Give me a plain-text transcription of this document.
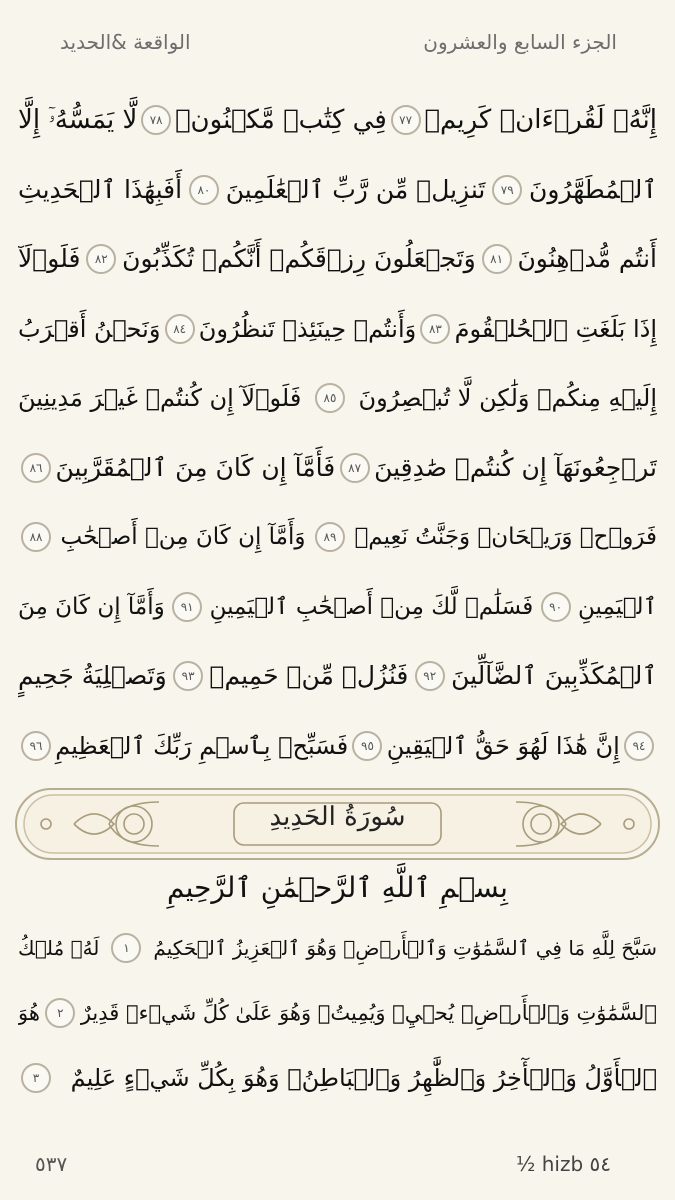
الجزء السابع والعشرون
الواقعة &الحديد
إِنَّهُۥ لَقُرۡءَانٞ كَرِيمٞ
٧٧
فِي كِتَٰبٖ مَّكۡنُونٖ
٧٨
لَّا يَمَسُّهُۥٓ إِلَّا
ٱلۡمُطَهَّرُونَ
٧٩
تَنزِيلٞ مِّن رَّبِّ ٱلۡعَٰلَمِينَ
٨٠
أَفَبِهَٰذَا ٱلۡحَدِيثِ
أَنتُم مُّدۡهِنُونَ
٨١
وَتَجۡعَلُونَ رِزۡقَكُمۡ أَنَّكُمۡ تُكَذِّبُونَ
٨٢
فَلَوۡلَآ
إِذَا بَلَغَتِ ٱلۡحُلۡقُومَ
٨٣
وَأَنتُمۡ حِينَئِذٖ تَنظُرُونَ
٨٤
وَنَحۡنُ أَقۡرَبُ
إِلَيۡهِ مِنكُمۡ وَلَٰكِن لَّا تُبۡصِرُونَ
٨٥
فَلَوۡلَآ إِن كُنتُمۡ غَيۡرَ مَدِينِينَ
تَرۡجِعُونَهَآ إِن كُنتُمۡ صَٰدِقِينَ
٨٧
فَأَمَّآ إِن كَانَ مِنَ ٱلۡمُقَرَّبِينَ
٨٦
فَرَوۡحٞ وَرَيۡحَانٞ وَجَنَّتُ نَعِيمٖ
٨٩
وَأَمَّآ إِن كَانَ مِنۡ أَصۡحَٰبِ
٨٨
ٱلۡيَمِينِ
٩٠
فَسَلَٰمٞ لَّكَ مِنۡ أَصۡحَٰبِ ٱلۡيَمِينِ
٩١
وَأَمَّآ إِن كَانَ مِنَ
ٱلۡمُكَذِّبِينَ ٱلضَّآلِّينَ
٩٢
فَنُزُلٞ مِّنۡ حَمِيمٖ
٩٣
وَتَصۡلِيَةُ جَحِيمٍ
٩٤
إِنَّ هَٰذَا لَهُوَ حَقُّ ٱلۡيَقِينِ
٩٥
فَسَبِّحۡ بِٱسۡمِ رَبِّكَ ٱلۡعَظِيمِ
٩٦
سُورَةُ الحَدِيدِ
بِسۡمِ ٱللَّهِ ٱلرَّحۡمَٰنِ ٱلرَّحِيمِ
سَبَّحَ لِلَّهِ مَا فِي ٱلسَّمَٰوَٰتِ وَٱلۡأَرۡضِۖ وَهُوَ ٱلۡعَزِيزُ ٱلۡحَكِيمُ
١
لَهُۥ مُلۡكُ
ٱلسَّمَٰوَٰتِ وَٱلۡأَرۡضِۖ يُحۡيِۦ وَيُمِيتُۖ وَهُوَ عَلَىٰ كُلِّ شَيۡءٖ قَدِيرٌ
٢
هُوَ
ٱلۡأَوَّلُ وَٱلۡأٓخِرُ وَٱلظَّٰهِرُ وَٱلۡبَاطِنُۖ وَهُوَ بِكُلِّ شَيۡءٍ عَلِيمٌ
٣
٥٣٧	½ hizb ٥٤
